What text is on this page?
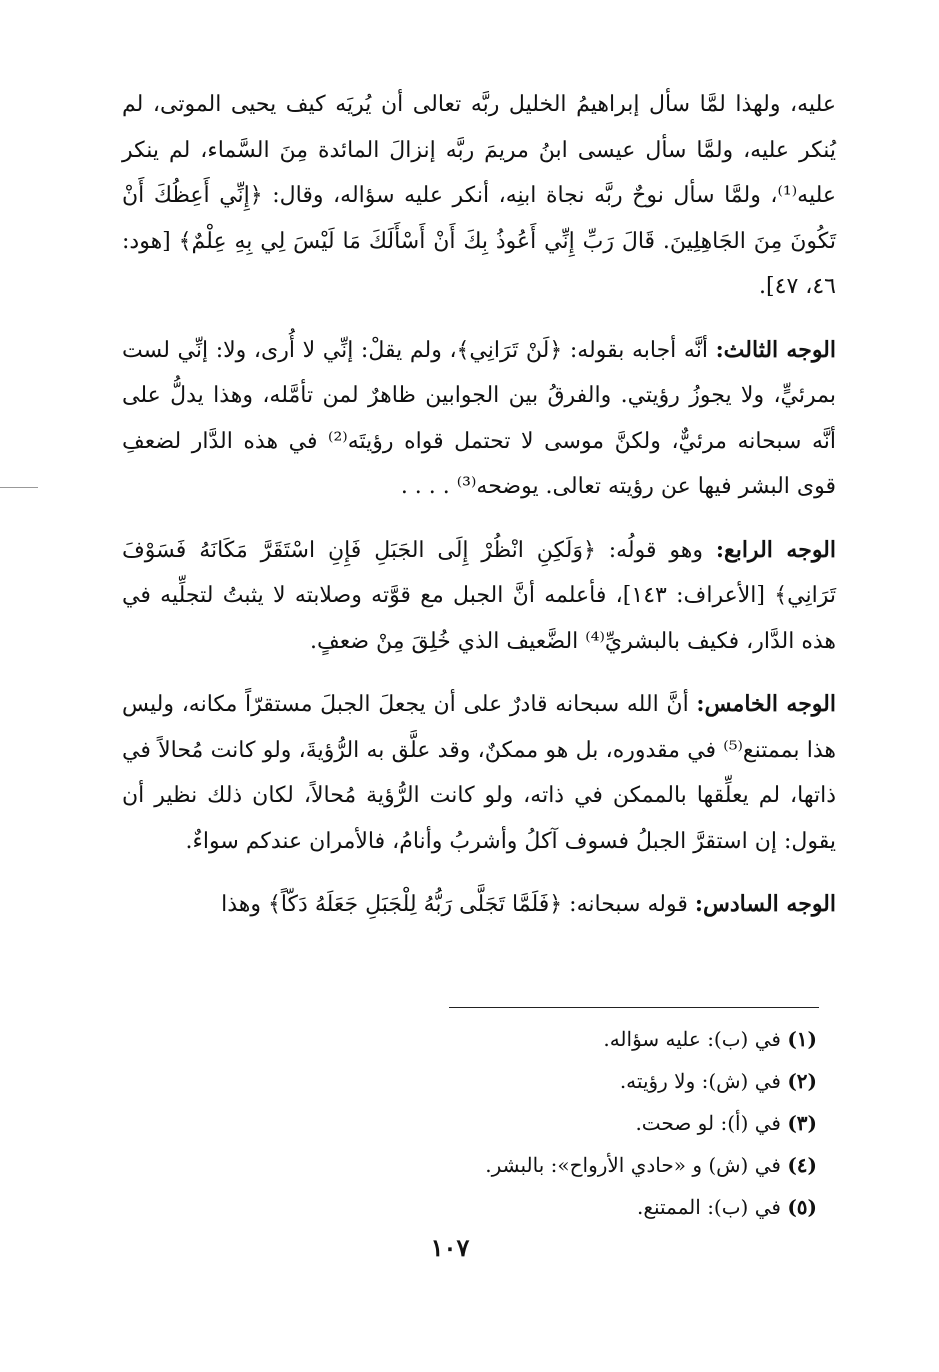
عليه، ولهذا لمَّا سأل إبراهيمُ الخليل ربَّه تعالى أن يُريَه كيف يحيى الموتى، لم يُنكر عليه، ولمَّا سأل عيسى ابنُ مريمَ ربَّه إنزالَ المائدة مِنَ السَّماء، لم ينكر عليه⁽¹⁾، ولمَّا سأل نوحٌ ربَّه نجاة ابنِه، أنكر عليه سؤاله، وقال: ﴿إِنِّي أَعِظُكَ أَنْ تَكُونَ مِنَ الجَاهِلِينَ. قَالَ رَبِّ إِنِّي أَعُوذُ بِكَ أَنْ أَسْأَلَكَ مَا لَيْسَ لِي بِهِ عِلْمٌ﴾ [هود: ٤٦، ٤٧].

الوجه الثالث: أنَّه أجابه بقوله: ﴿لَنْ تَرَانِي﴾، ولم يقلْ: إنِّي لا أُرى، ولا: إنِّي لست بمرئيٍّ، ولا يجوزُ رؤيتي. والفرقُ بين الجوابين ظاهرٌ لمن تأمَّله، وهذا يدلُّ على أنَّه سبحانه مرئيٌّ، ولكنَّ موسى لا تحتمل قواه رؤيتَه⁽²⁾ في هذه الدَّار لضعفِ قوى البشر فيها عن رؤيته تعالى. يوضحه⁽³⁾ . . . .

الوجه الرابع: وهو قولُه: ﴿وَلَكِنِ انْظُرْ إِلَى الجَبَلِ فَإِنِ اسْتَقَرَّ مَكَانَهُ فَسَوْفَ تَرَانِي﴾ [الأعراف: ١٤٣]، فأعلمه أنَّ الجبل مع قوَّته وصلابته لا يثبتُ لتجلِّيه في هذه الدَّار، فكيف بالبشريِّ⁽⁴⁾ الضَّعيف الذي خُلِقَ مِنْ ضعفٍ.

الوجه الخامس: أنَّ الله سبحانه قادرٌ على أن يجعلَ الجبلَ مستقرّاً مكانه، وليس هذا بممتنع⁽⁵⁾ في مقدوره، بل هو ممكنٌ، وقد علَّق به الرُّؤيةَ، ولو كانت مُحالاً في ذاتها، لم يعلِّقها بالممكن في ذاته، ولو كانت الرُّؤية مُحالاً، لكان ذلك نظير أن يقول: إن استقرَّ الجبلُ فسوف آكلُ وأشربُ وأنامُ، فالأمران عندكم سواءٌ.

الوجه السادس: قوله سبحانه: ﴿فَلَمَّا تَجَلَّى رَبُّهُ لِلْجَبَلِ جَعَلَهُ دَكّاً﴾ وهذا

(١) في (ب): عليه سؤاله.
(٢) في (ش): ولا رؤيته.
(٣) في (أ): لو صحت.
(٤) في (ش) و «حادي الأرواح»: بالبشر.
(٥) في (ب): الممتنع.
١٠٧
